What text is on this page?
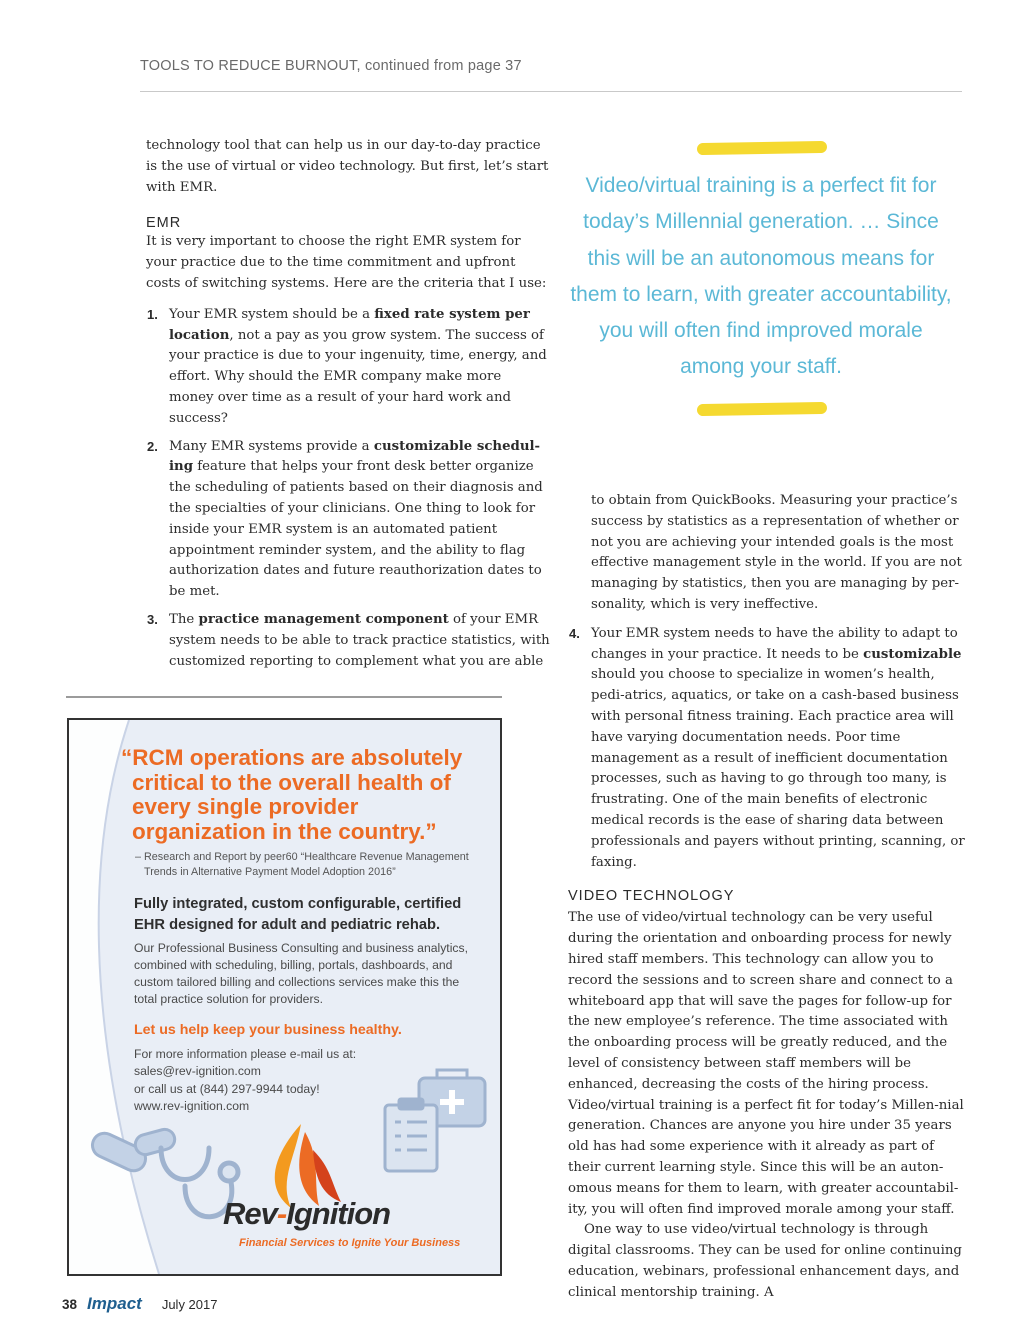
TOOLS TO REDUCE BURNOUT, continued from page 37

technology tool that can help us in our day-to-day practice is the use of virtual or video technology. But first, let’s start with EMR.

EMR

It is very important to choose the right EMR system for your practice due to the time commitment and upfront costs of switching systems. Here are the criteria that I use:

1. Your EMR system should be a fixed rate system per location, not a pay as you grow system. The success of your practice is due to your ingenuity, time, energy, and effort. Why should the EMR company make more money over time as a result of your hard work and success?
2. Many EMR systems provide a customizable schedul-ing feature that helps your front desk better organize the scheduling of patients based on their diagnosis and the specialties of your clinicians. One thing to look for inside your EMR system is an automated patient appointment reminder system, and the ability to flag authorization dates and future reauthorization dates to be met.
3. The practice management component of your EMR system needs to be able to track practice statistics, with customized reporting to complement what you are able
Video/virtual training is a perfect fit for today’s Millennial generation. … Since this will be an autonomous means for them to learn, with greater accountability, you will often find improved morale among your staff.

to obtain from QuickBooks. Measuring your practice’s success by statistics as a representation of whether or not you are achieving your intended goals is the most effective management style in the world. If you are not managing by statistics, then you are managing by per-sonality, which is very ineffective.

4. Your EMR system needs to have the ability to adapt to changes in your practice. It needs to be customizable should you choose to specialize in women’s health, pedi-atrics, aquatics, or take on a cash-based business with personal fitness training. Each practice area will have varying documentation needs. Poor time management as a result of inefficient documentation processes, such as having to go through too many, is frustrating. One of the main benefits of electronic medical records is the ease of sharing data between professionals and payers without printing, scanning, or faxing.
VIDEO TECHNOLOGY

The use of video/virtual technology can be very useful during the orientation and onboarding process for newly hired staff members. This technology can allow you to record the sessions and to screen share and connect to a whiteboard app that will save the pages for follow-up for the new employee’s reference. The time associated with the onboarding process will be greatly reduced, and the level of consistency between staff members will be enhanced, decreasing the costs of the hiring process. Video/virtual training is a perfect fit for today’s Millen-nial generation. Chances are anyone you hire under 35 years old has had some experience with it already as part of their current learning style. Since this will be an auton-omous means for them to learn, with greater accountabil-ity, you will often find improved morale among your staff.

One way to use video/virtual technology is through digital classrooms. They can be used for online continuing education, webinars, professional enhancement days, and clinical mentorship training. A

“RCM operations are absolutely critical to the overall health of every single provider organization in the country.”
– Research and Report by peer60 “Healthcare Revenue Management Trends in Alternative Payment Model Adoption 2016”
Fully integrated, custom configurable, certified EHR designed for adult and pediatric rehab.
Our Professional Business Consulting and business analytics, combined with scheduling, billing, portals, dashboards, and custom tailored billing and collections services make this the total practice solution for providers.
Let us help keep your business healthy.
For more information please e-mail us at:
sales@rev-ignition.com
or call us at (844) 297-9944 today!
www.rev-ignition.com
Rev-Ignition
Financial Services to Ignite Your Business
38 Impact July 2017
